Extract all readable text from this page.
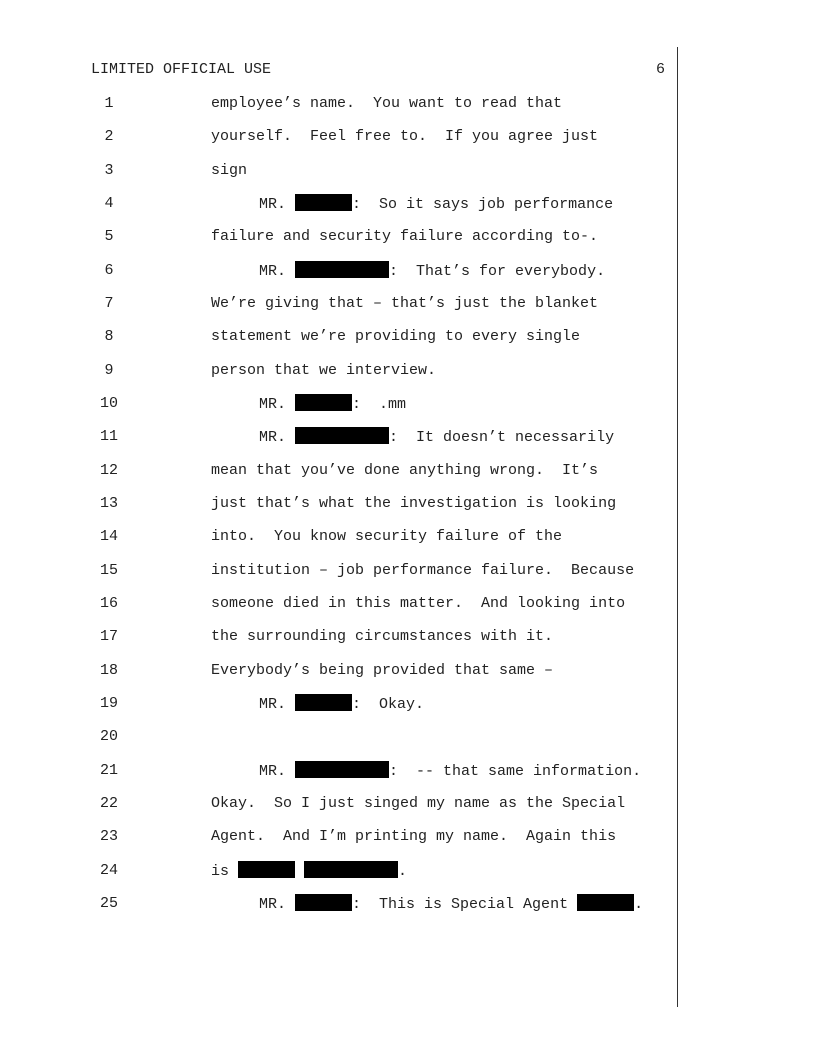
LIMITED OFFICIAL USE	6
1	employee’s name.  You want to read that
2	yourself.  Feel free to.  If you agree just
3	sign
4	MR.	:  So it says job performance
5	failure and security failure according to-.
6	MR.	:  That’s for everybody.
7	We’re giving that – that’s just the blanket
8	statement we’re providing to every single
9	person that we interview.
10	MR.	:  .mm
11	MR.	:  It doesn’t necessarily
12	mean that you’ve done anything wrong.  It’s
13	just that’s what the investigation is looking
14	into.  You know security failure of the
15	institution – job performance failure.  Because
16	someone died in this matter.  And looking into
17	the surrounding circumstances with it.
18	Everybody’s being provided that same –
19	MR.	:  Okay.
20
21	MR.	:  -- that same information.
22	Okay.  So I just singed my name as the Special
23	Agent.  And I’m printing my name.  Again this
24	is	.
25	MR.	:  This is Special Agent	.
